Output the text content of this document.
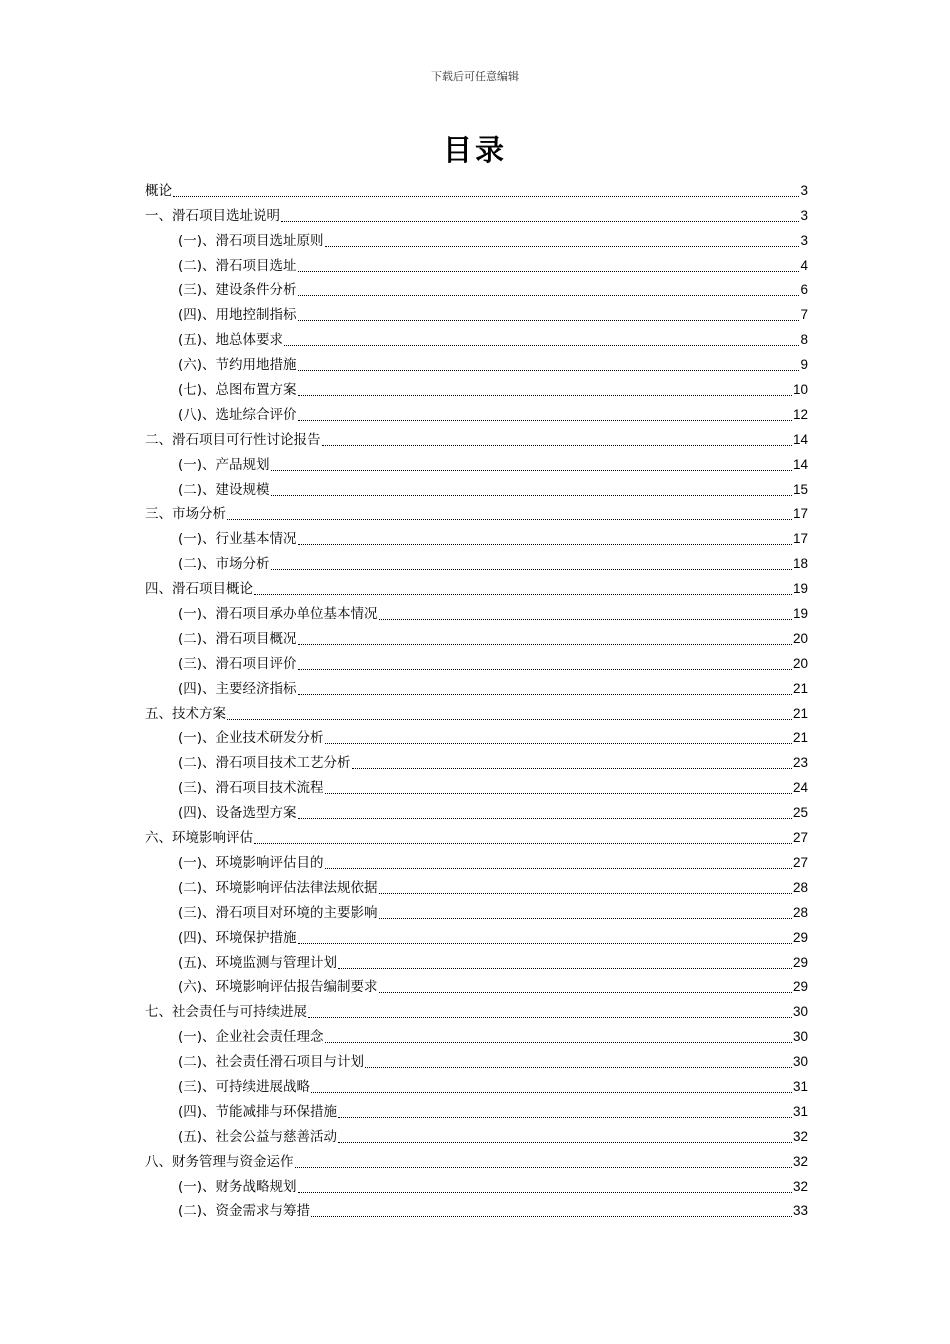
下载后可任意编辑
目录
概论	3
一、滑石项目选址说明	3
(一)、滑石项目选址原则	3
(二)、滑石项目选址	4
(三)、建设条件分析	6
(四)、用地控制指标	7
(五)、地总体要求	8
(六)、节约用地措施	9
(七)、总图布置方案	10
(八)、选址综合评价	12
二、滑石项目可行性讨论报告	14
(一)、产品规划	14
(二)、建设规模	15
三、市场分析	17
(一)、行业基本情况	17
(二)、市场分析	18
四、滑石项目概论	19
(一)、滑石项目承办单位基本情况	19
(二)、滑石项目概况	20
(三)、滑石项目评价	20
(四)、主要经济指标	21
五、技术方案	21
(一)、企业技术研发分析	21
(二)、滑石项目技术工艺分析	23
(三)、滑石项目技术流程	24
(四)、设备选型方案	25
六、环境影响评估	27
(一)、环境影响评估目的	27
(二)、环境影响评估法律法规依据	28
(三)、滑石项目对环境的主要影响	28
(四)、环境保护措施	29
(五)、环境监测与管理计划	29
(六)、环境影响评估报告编制要求	29
七、社会责任与可持续进展	30
(一)、企业社会责任理念	30
(二)、社会责任滑石项目与计划	30
(三)、可持续进展战略	31
(四)、节能减排与环保措施	31
(五)、社会公益与慈善活动	32
八、财务管理与资金运作	32
(一)、财务战略规划	32
(二)、资金需求与筹措	33
